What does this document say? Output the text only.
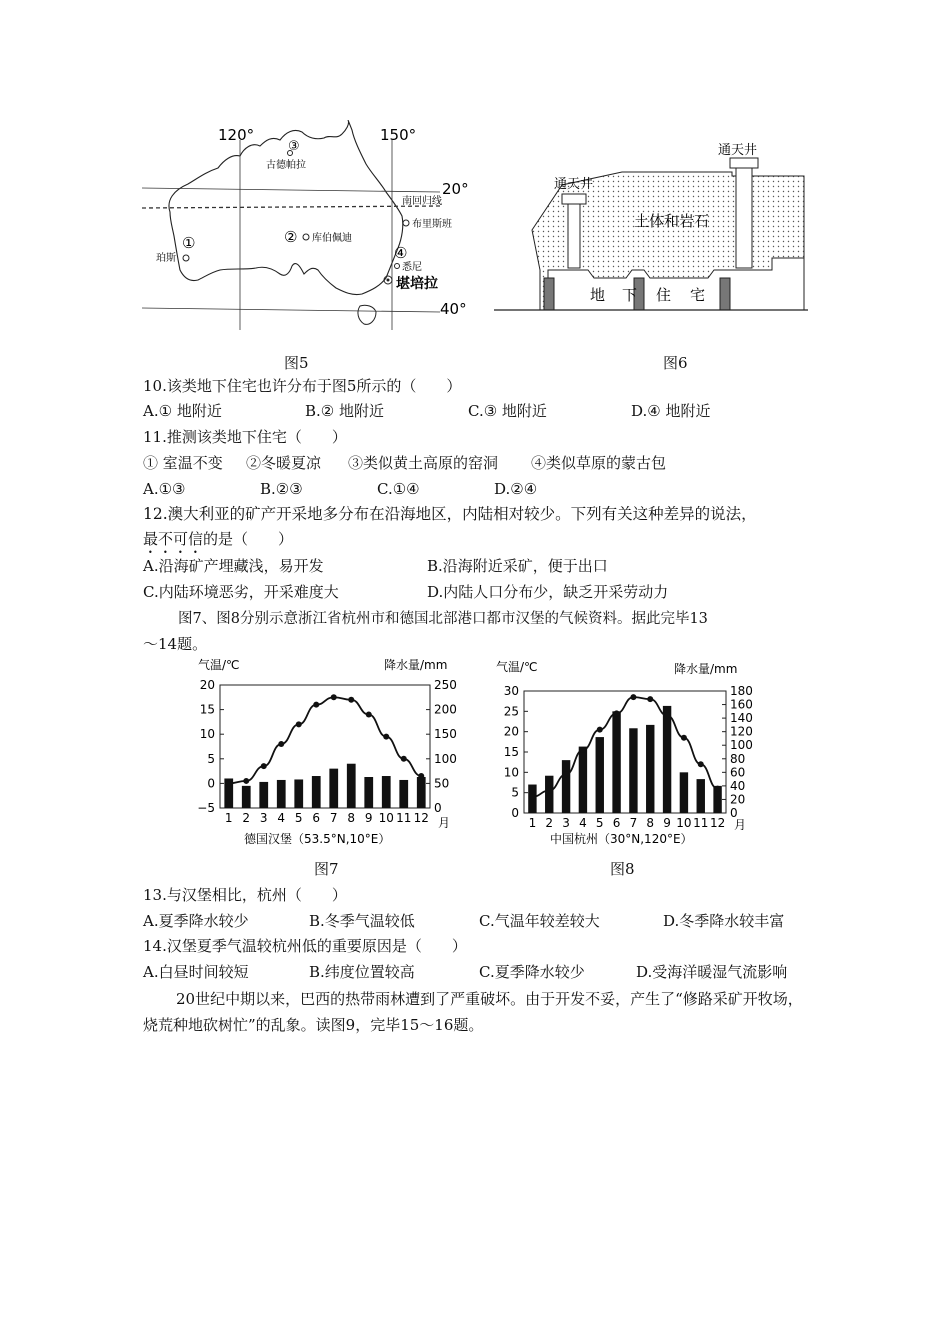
120°	150°
20°
40°
南回归线
③
古德帕拉
② 库伯佩迪
①
珀斯
布里斯班
④
悉尼
堪培拉
图5
通天井
通天井
土体和岩石
地 下 住 宅
图6
10.该类地下住宅也许分布于图5所示的（　　）
A.① 地附近	B.② 地附近	C.③ 地附近	D.④ 地附近
11.推测该类地下住宅（　　）
① 室温不变 ②冬暖夏凉 ③类似黄土高原的窑洞 ④类似草原的蒙古包
A.①③	B.②③	C.①④	D.②④
12.澳大利亚的矿产开采地多分布在沿海地区，内陆相对较少。下列有关这种差异的说法，
最不可信的是（　　）
A.沿海矿产埋藏浅，易开发	B.沿海附近采矿，便于出口
C.内陆环境恶劣，开采难度大	D.内陆人口分布少，缺乏开采劳动力
图7、图8分别示意浙江省杭州市和德国北部港口都市汉堡的气候资料。据此完毕13
～14题。
气温/℃	降水量/mm
月
德国汉堡（53.5°N,10°E）
−5
0
5
10
15
20
0
50
100
150
200
250
1 2 3 4 5 6 7 8 9 10 11 12
图7
气温/℃	降水量/mm
月
中国杭州（30°N,120°E）
0
5
10
15
20
25
30
0
20
40
60
80
100
120
140
160
180
1 2 3 4 5 6 7 8 9 10 11 12
图8
13.与汉堡相比，杭州（　　）
A.夏季降水较少	B.冬季气温较低	C.气温年较差较大	D.冬季降水较丰富
14.汉堡夏季气温较杭州低的重要原因是（　　）
A.白昼时间较短	B.纬度位置较高	C.夏季降水较少	D.受海洋暖湿气流影响
20世纪中期以来，巴西的热带雨林遭到了严重破坏。由于开发不妥，产生了“修路采矿开牧场，烧荒种地砍树忙”的乱象。读图9，完毕15～16题。
